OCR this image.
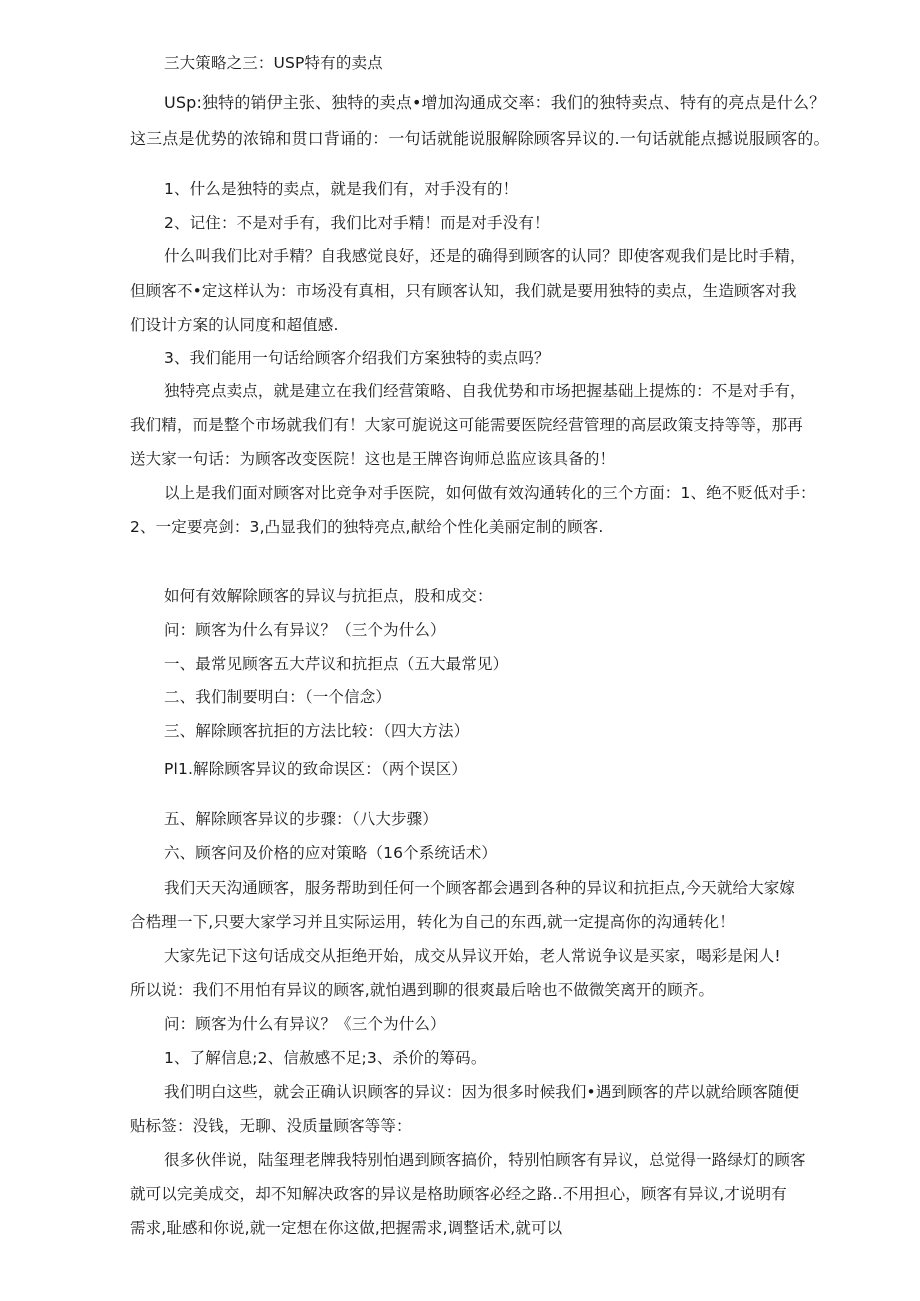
三大策略之三：USP特有的卖点
USp:独特的销伊主张、独特的卖点•增加沟通成交率：我们的独特卖点、特有的亮点是什么？
这三点是优势的浓锦和贯口背诵的：一句话就能说服解除顾客异议的.一句话就能点撼说服顾客的。
1、什么是独特的卖点，就是我们有，对手没有的！
2、记住：不是对手有，我们比对手精！而是对手没有！
什么叫我们比对手精？自我感觉良好，还是的确得到顾客的认同？即使客观我们是比时手精，
但顾客不•定这样认为：市场没有真相，只有顾客认知，我们就是要用独特的卖点，生造顾客对我
们设计方案的认同度和超值感.
3、我们能用一句话给顾客介绍我们方案独特的卖点吗？
独特亮点卖点，就是建立在我们经营策略、自我优势和市场把握基础上提炼的：不是对手有，
我们精，而是整个市场就我们有！大家可旎说这可能需要医院经营管理的高层政策支持等等，那再
送大家一句话：为顾客改变医院！这也是王牌咨询师总监应该具备的！
以上是我们面对顾客对比竞争对手医院，如何做有效沟通转化的三个方面：1、绝不贬低对手：
2、一定要亮剑：3,凸显我们的独特亮点,献给个性化美丽定制的顾客.
如何有效解除顾客的异议与抗拒点，股和成交：
问：顾客为什么有异议？（三个为什么）
一、最常见顾客五大芹议和抗拒点（五大最常见）
二、我们制要明白：（一个信念）
三、解除顾客抗拒的方法比较：（四大方法）
Pl1.解除顾客异议的致命误区：（两个误区）
五、解除顾客异议的步骤：（八大步骤）
六、顾客问及价格的应对策略（16个系统话术）
我们天天沟通顾客，服务帮助到任何一个顾客都会遇到各种的异议和抗拒点,今天就给大家嫁
合梏理一下,只要大家学习并且实际运用，转化为自己的东西,就一定提高你的沟通转化！
大家先记下这句话成交从拒绝开始，成交从异议开始，老人常说争议是买家，喝彩是闲人!
所以说：我们不用怕有异议的顾客,就怕遇到聊的很爽最后啥也不做微笑离开的顾齐。
问：顾客为什么有异议？《三个为什么）
1、了解信息;2、信赦感不足;3、杀价的筹码。
我们明白这些，就会正确认识顾客的异议：因为很多时候我们•遇到顾客的芹以就给顾客随便
贴标签：没钱，无聊、没质量顾客等等：
很多伙伴说，陆玺理老牌我特别怕遇到顾客搞价，特别怕顾客有异议，总觉得一路绿灯的顾客
就可以完美成交，却不知解决政客的异议是格助顾客必经之路..不用担心，顾客有异议,才说明有
需求,耻感和你说,就一定想在你这做,把握需求,调整话术,就可以
